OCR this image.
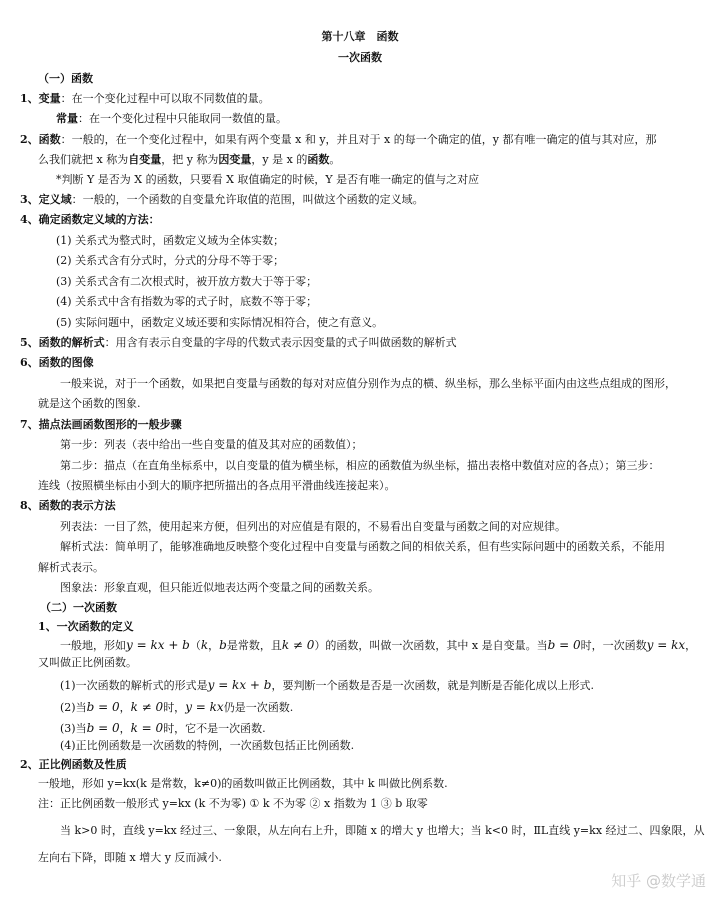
第十八章　函数
一次函数
（一）函数
1、变量：在一个变化过程中可以取不同数值的量。
常量：在一个变化过程中只能取同一数值的量。
2、函数：一般的，在一个变化过程中，如果有两个变量 x 和 y，并且对于 x 的每一个确定的值，y 都有唯一确定的值与其对应，那
么我们就把 x 称为自变量，把 y 称为因变量，y 是 x 的函数。
*判断 Y 是否为 X 的函数，只要看 X 取值确定的时候，Y 是否有唯一确定的值与之对应
3、定义域：一般的，一个函数的自变量允许取值的范围，叫做这个函数的定义域。
4、确定函数定义域的方法：
(1) 关系式为整式时，函数定义域为全体实数；
(2) 关系式含有分式时，分式的分母不等于零；
(3) 关系式含有二次根式时，被开放方数大于等于零；
(4) 关系式中含有指数为零的式子时，底数不等于零；
(5) 实际问题中，函数定义域还要和实际情况相符合，使之有意义。
5、函数的解析式：用含有表示自变量的字母的代数式表示因变量的式子叫做函数的解析式
6、函数的图像
一般来说，对于一个函数，如果把自变量与函数的每对对应值分别作为点的横、纵坐标，那么坐标平面内由这些点组成的图形，
就是这个函数的图象.
7、描点法画函数图形的一般步骤
第一步：列表（表中给出一些自变量的值及其对应的函数值）；
第二步：描点（在直角坐标系中，以自变量的值为横坐标，相应的函数值为纵坐标，描出表格中数值对应的各点）；第三步：
连线（按照横坐标由小到大的顺序把所描出的各点用平滑曲线连接起来）。
8、函数的表示方法
列表法：一目了然，使用起来方便，但列出的对应值是有限的，不易看出自变量与函数之间的对应规律。
解析式法：简单明了，能够准确地反映整个变化过程中自变量与函数之间的相依关系，但有些实际问题中的函数关系，不能用
解析式表示。
图象法：形象直观，但只能近似地表达两个变量之间的函数关系。
（二）一次函数
1、一次函数的定义
一般地，形如y = kx + b（k，b是常数，且k ≠ 0）的函数，叫做一次函数，其中 x 是自变量。当b = 0时，一次函数y = kx，
又叫做正比例函数。
(1)一次函数的解析式的形式是y = kx + b，要判断一个函数是否是一次函数，就是判断是否能化成以上形式.
(2)当b = 0，k ≠ 0时，y = kx仍是一次函数.
(3)当b = 0，k = 0时，它不是一次函数.
(4)正比例函数是一次函数的特例，一次函数包括正比例函数.
2、正比例函数及性质
一般地，形如 y=kx(k 是常数，k≠0)的函数叫做正比例函数，其中 k 叫做比例系数.
注：正比例函数一般形式 y=kx (k 不为零) ① k 不为零 ② x 指数为 1 ③ b 取零
当 k>0 时，直线 y=kx 经过三、一象限，从左向右上升，即随 x 的增大 y 也增大；当 k<0 时，ⅡL直线 y=kx 经过二、四象限，从
左向右下降，即随 x 增大 y 反而减小.
知乎 @数学通
